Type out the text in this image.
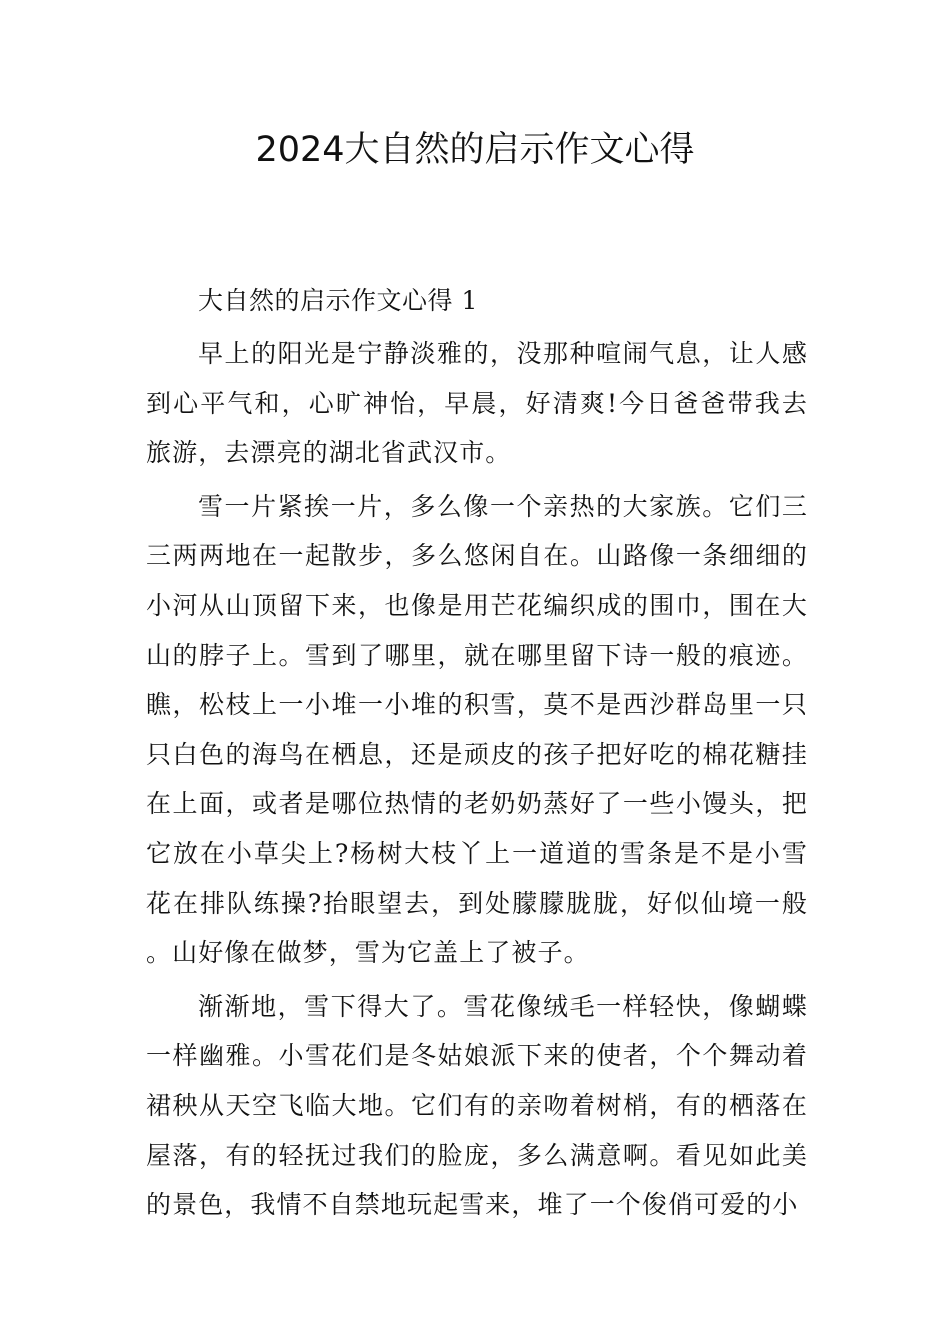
2024大自然的启示作文心得

大自然的启示作文心得 1

早上的阳光是宁静淡雅的，没那种喧闹气息，让人感到心平气和，心旷神怡，早晨，好清爽!今日爸爸带我去旅游，去漂亮的湖北省武汉市。

雪一片紧挨一片，多么像一个亲热的大家族。它们三三两两地在一起散步，多么悠闲自在。山路像一条细细的小河从山顶留下来，也像是用芒花编织成的围巾，围在大山的脖子上。雪到了哪里，就在哪里留下诗一般的痕迹。瞧，松枝上一小堆一小堆的积雪，莫不是西沙群岛里一只只白色的海鸟在栖息，还是顽皮的孩子把好吃的棉花糖挂在上面，或者是哪位热情的老奶奶蒸好了一些小馒头，把它放在小草尖上?杨树大枝丫上一道道的雪条是不是小雪花在排队练操?抬眼望去，到处朦朦胧胧，好似仙境一般。山好像在做梦，雪为它盖上了被子。

渐渐地，雪下得大了。雪花像绒毛一样轻快，像蝴蝶一样幽雅。小雪花们是冬姑娘派下来的使者，个个舞动着裙秧从天空飞临大地。它们有的亲吻着树梢，有的栖落在屋落，有的轻抚过我们的脸庞，多么满意啊。看见如此美的景色，我情不自禁地玩起雪来，堆了一个俊俏可爱的小
